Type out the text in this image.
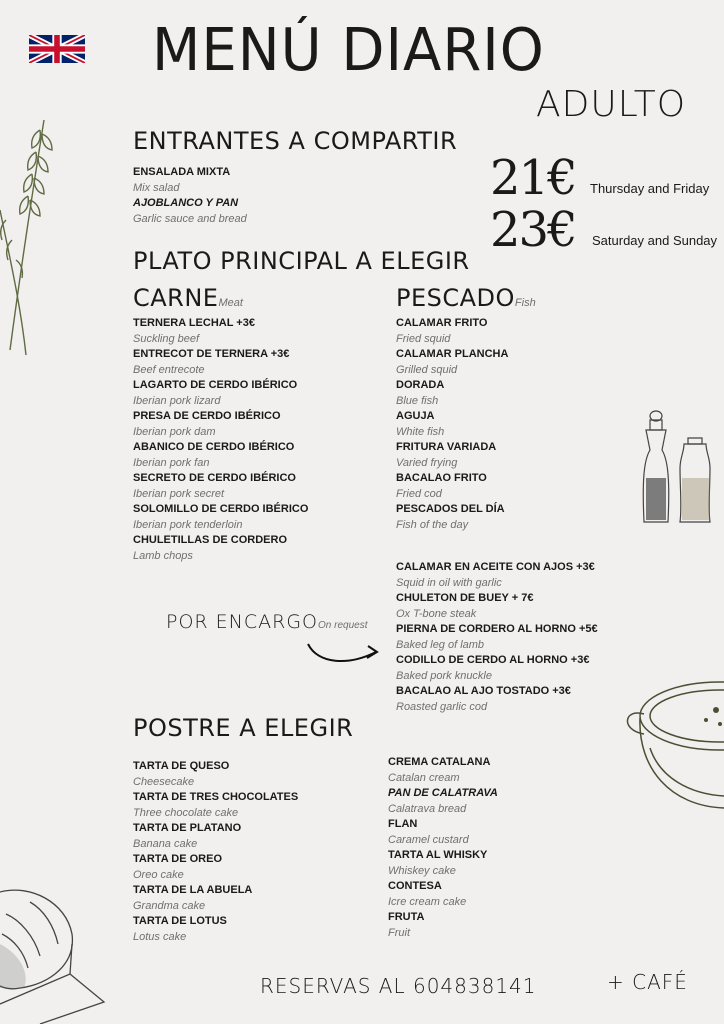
MENÚ DIARIO
ADULTO
ENTRANTES A COMPARTIR
ENSALADA MIXTA
Mix salad
AJOBLANCO Y PAN
Garlic sauce and bread
21€ Thursday and Friday
23€ Saturday and Sunday
PLATO PRINCIPAL A ELEGIR
CARNEMeat
TERNERA LECHAL +3€
Suckling beef
ENTRECOT DE TERNERA +3€
Beef entrecote
LAGARTO DE CERDO IBÉRICO
Iberian pork lizard
PRESA DE CERDO IBÉRICO
Iberian pork dam
ABANICO DE CERDO IBÉRICO
Iberian pork fan
SECRETO DE CERDO IBÉRICO
Iberian pork secret
SOLOMILLO DE CERDO IBÉRICO
Iberian pork tenderloin
CHULETILLAS DE CORDERO
Lamb chops
PESCADOFish
CALAMAR FRITO
Fried squid
CALAMAR PLANCHA
Grilled squid
DORADA
Blue fish
AGUJA
White fish
FRITURA VARIADA
Varied frying
BACALAO FRITO
Fried cod
PESCADOS DEL DÍA
Fish of the day
POR ENCARGOOn request
CALAMAR EN ACEITE CON AJOS +3€
Squid in oil with garlic
CHULETON DE BUEY + 7€
Ox T-bone steak
PIERNA DE CORDERO AL HORNO +5€
Baked leg of lamb
CODILLO DE CERDO AL HORNO +3€
Baked pork knuckle
BACALAO AL AJO TOSTADO +3€
Roasted garlic cod
POSTRE A ELEGIR
TARTA DE QUESO
Cheesecake
TARTA DE TRES CHOCOLATES
Three chocolate cake
TARTA DE PLATANO
Banana cake
TARTA DE OREO
Oreo cake
TARTA DE LA ABUELA
Grandma cake
TARTA DE LOTUS
Lotus cake
CREMA CATALANA
Catalan cream
PAN DE CALATRAVA
Calatrava bread
FLAN
Caramel custard
TARTA AL WHISKY
Whiskey cake
CONTESA
Icre cream cake
FRUTA
Fruit
RESERVAS AL 604838141	+ CAFÉ
